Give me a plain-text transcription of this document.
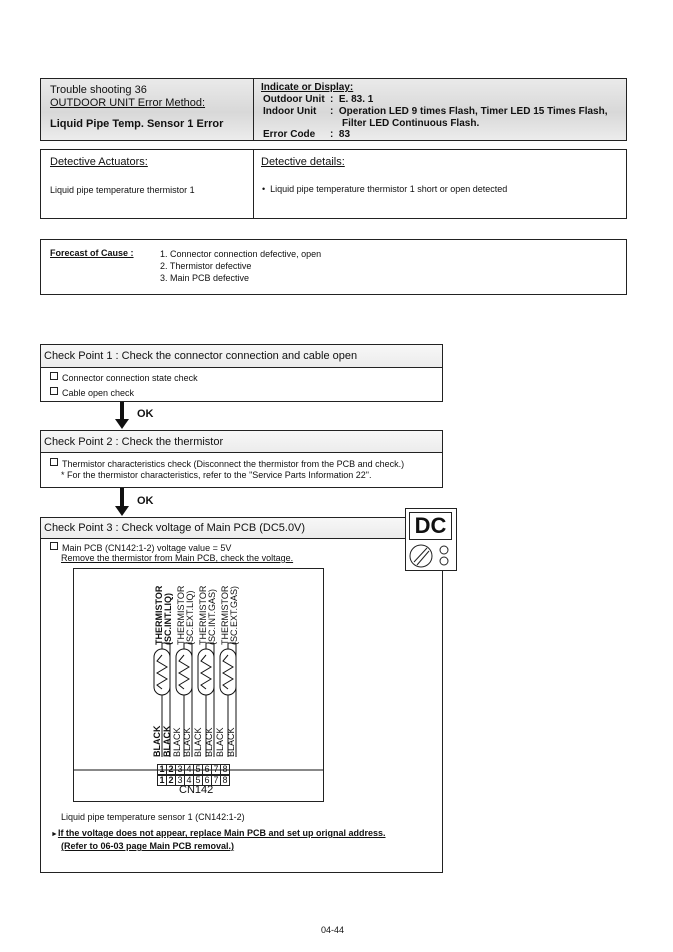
Trouble shooting 36
OUTDOOR UNIT Error Method:
Liquid Pipe Temp. Sensor 1 Error
Indicate or Display:
Outdoor Unit :  E. 83. 1
Indoor Unit :  Operation LED 9 times Flash, Timer LED 15 Times Flash,
Filter LED Continuous Flash.
Error Code :  83
Detective Actuators:
Liquid pipe temperature thermistor 1
Detective details:
•  Liquid pipe temperature thermistor 1 short or open detected
Forecast of Cause :	1. Connector connection defective, open
2. Thermistor defective
3. Main PCB defective
Check Point 1 : Check the connector connection and cable open
Connector connection state check
Cable open check
OK
Check Point 2 : Check the thermistor
Thermistor characteristics check (Disconnect the thermistor from the PCB and check.)
* For the thermistor characteristics, refer to the "Service Parts Information 22".
OK
Check Point 3 : Check voltage of Main PCB (DC5.0V)
Main PCB (CN142:1-2) voltage value = 5V
Remove the thermistor from Main PCB, check the voltage.
THERMISTOR (SC.INT.LIQ) THERMISTOR (SC.EXT.LIQ) THERMISTOR (SC.INT.GAS) THERMISTOR (SC.EXT.GAS)
BLACK BLACK BLACK BLACK BLACK BLACK BLACK BLACK
1 2 3 4 5 6 7 8
1 2 3 4 5 6 7 8
CN142
Liquid pipe temperature sensor 1 (CN142:1-2)
►If the voltage does not appear, replace Main PCB and set up orignal address.
(Refer to 06-03 page Main PCB removal.)
DC
04-44
